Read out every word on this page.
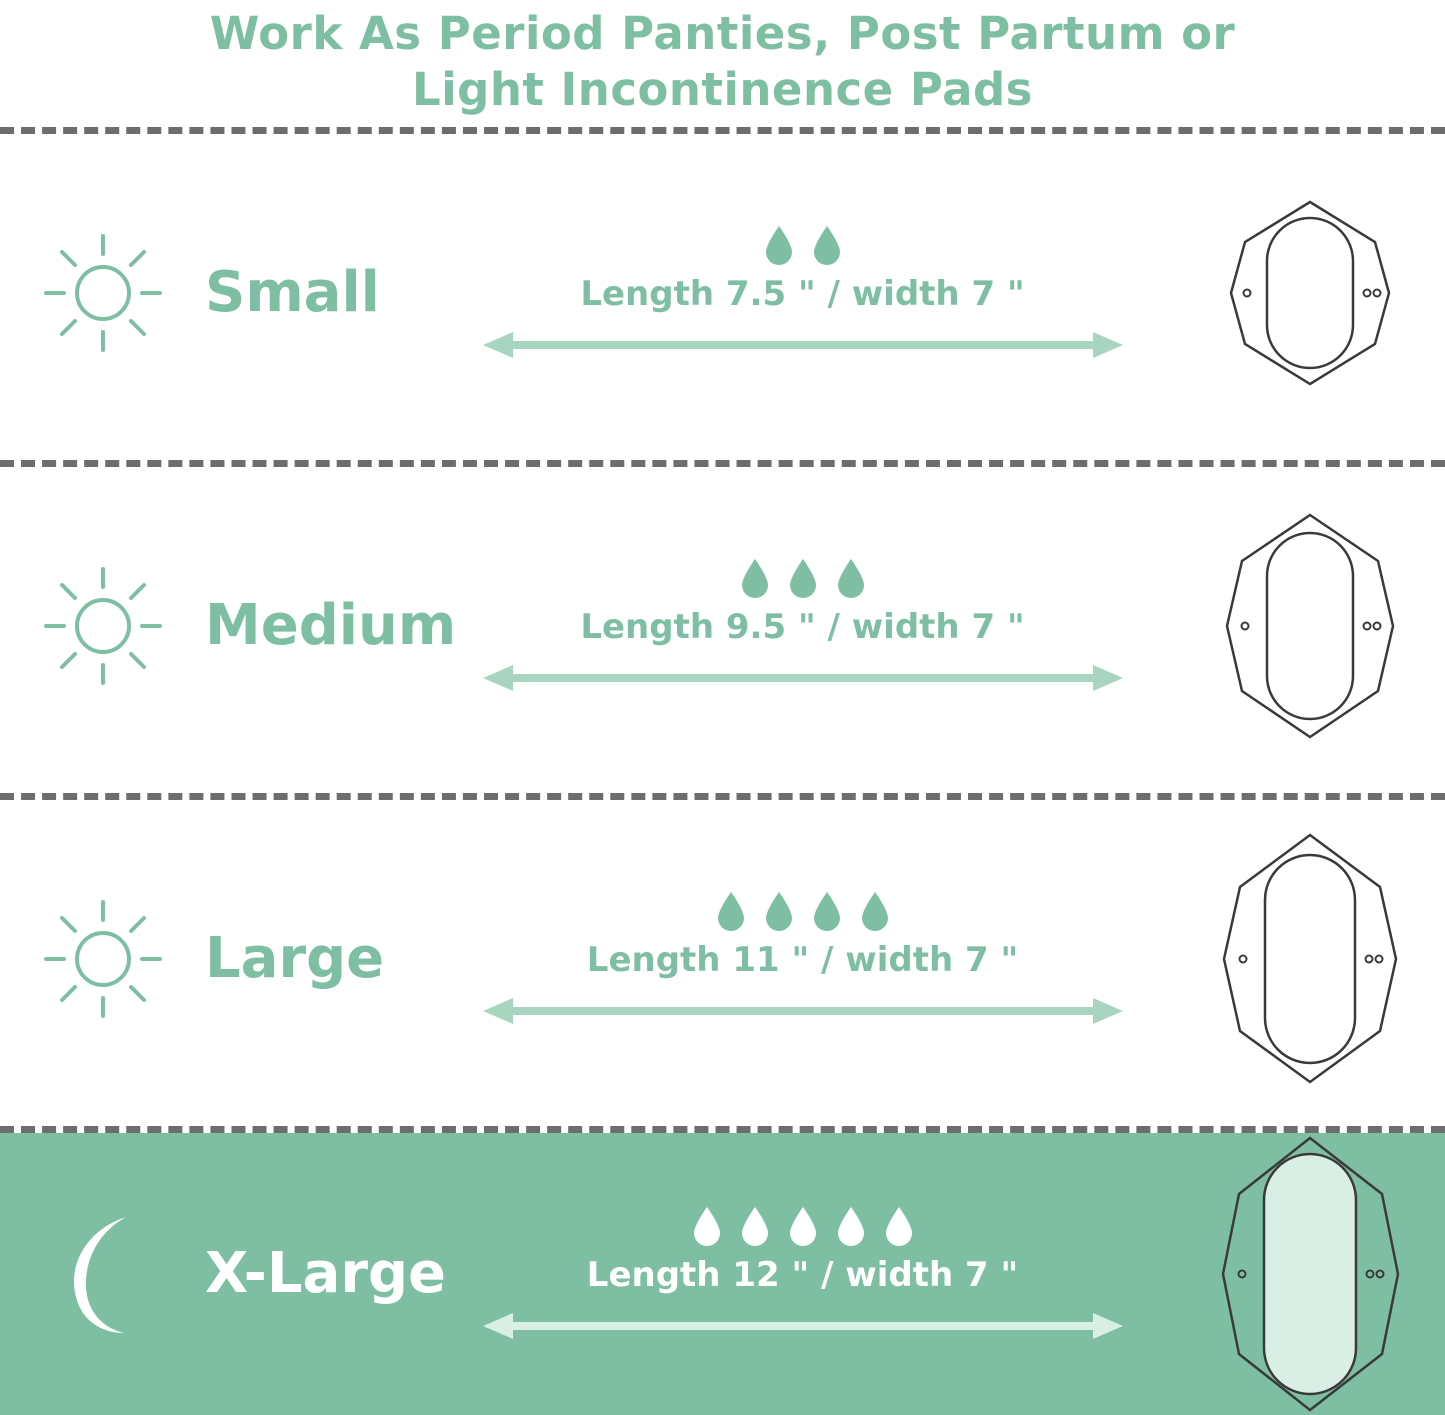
Work As Period Panties, Post Partum or
Light Incontinence Pads
Small	Length 7.5 " / width 7 "
Medium	Length 9.5 " / width 7 "
Large	Length 11 " / width 7 "
X-Large	Length 12 " / width 7 "
